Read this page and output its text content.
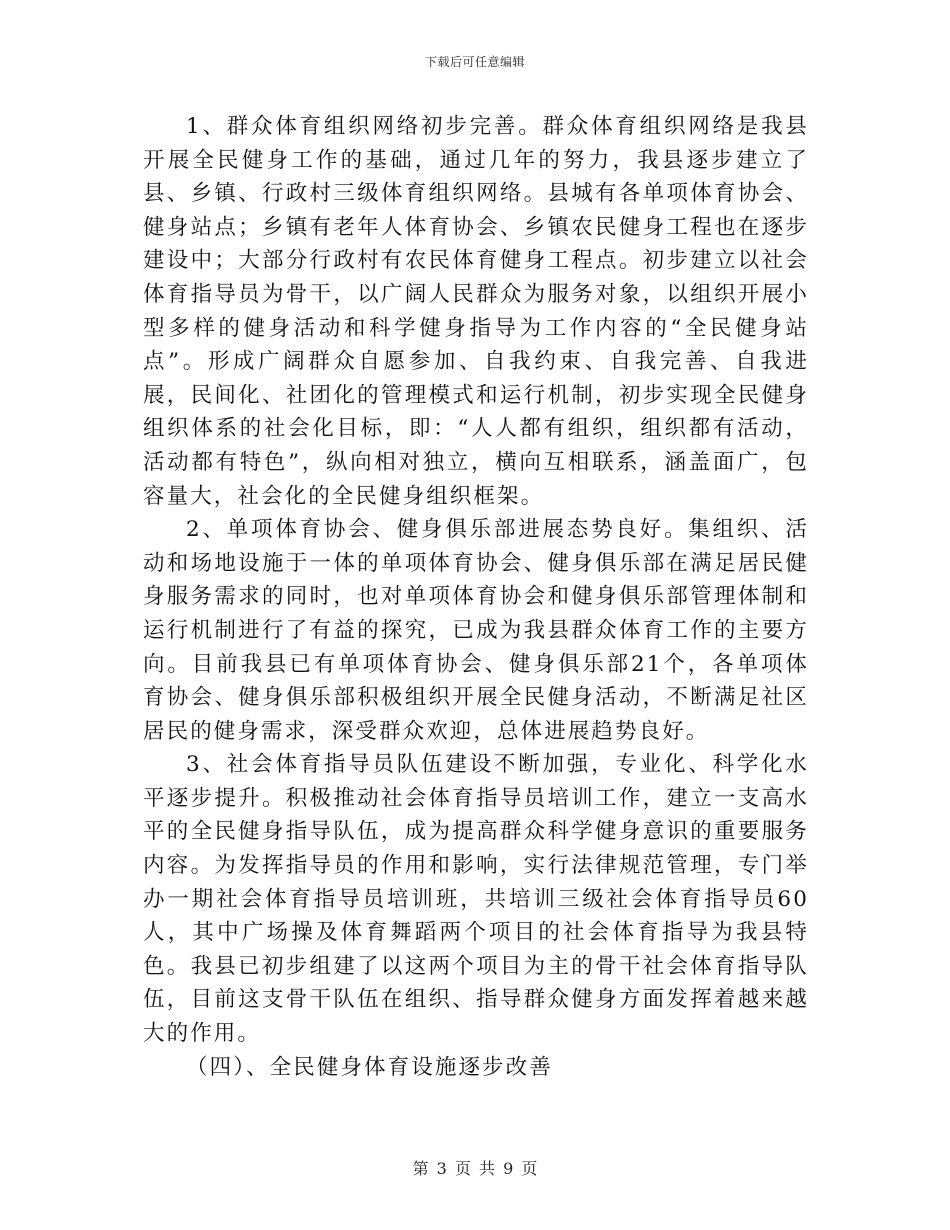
下载后可任意编辑

1、群众体育组织网络初步完善。群众体育组织网络是我县开展全民健身工作的基础，通过几年的努力，我县逐步建立了县、乡镇、行政村三级体育组织网络。县城有各单项体育协会、健身站点；乡镇有老年人体育协会、乡镇农民健身工程也在逐步建设中；大部分行政村有农民体育健身工程点。初步建立以社会体育指导员为骨干，以广阔人民群众为服务对象，以组织开展小型多样的健身活动和科学健身指导为工作内容的“全民健身站点”。形成广阔群众自愿参加、自我约束、自我完善、自我进展，民间化、社团化的管理模式和运行机制，初步实现全民健身组织体系的社会化目标，即：“人人都有组织，组织都有活动，活动都有特色”，纵向相对独立，横向互相联系，涵盖面广，包容量大，社会化的全民健身组织框架。

2、单项体育协会、健身俱乐部进展态势良好。集组织、活动和场地设施于一体的单项体育协会、健身俱乐部在满足居民健身服务需求的同时，也对单项体育协会和健身俱乐部管理体制和运行机制进行了有益的探究，已成为我县群众体育工作的主要方向。目前我县已有单项体育协会、健身俱乐部21个，各单项体育协会、健身俱乐部积极组织开展全民健身活动，不断满足社区居民的健身需求，深受群众欢迎，总体进展趋势良好。

3、社会体育指导员队伍建设不断加强，专业化、科学化水平逐步提升。积极推动社会体育指导员培训工作，建立一支高水平的全民健身指导队伍，成为提高群众科学健身意识的重要服务内容。为发挥指导员的作用和影响，实行法律规范管理，专门举办一期社会体育指导员培训班，共培训三级社会体育指导员60人，其中广场操及体育舞蹈两个项目的社会体育指导为我县特色。我县已初步组建了以这两个项目为主的骨干社会体育指导队伍，目前这支骨干队伍在组织、指导群众健身方面发挥着越来越大的作用。

（四）、全民健身体育设施逐步改善

第 3 页 共 9 页
